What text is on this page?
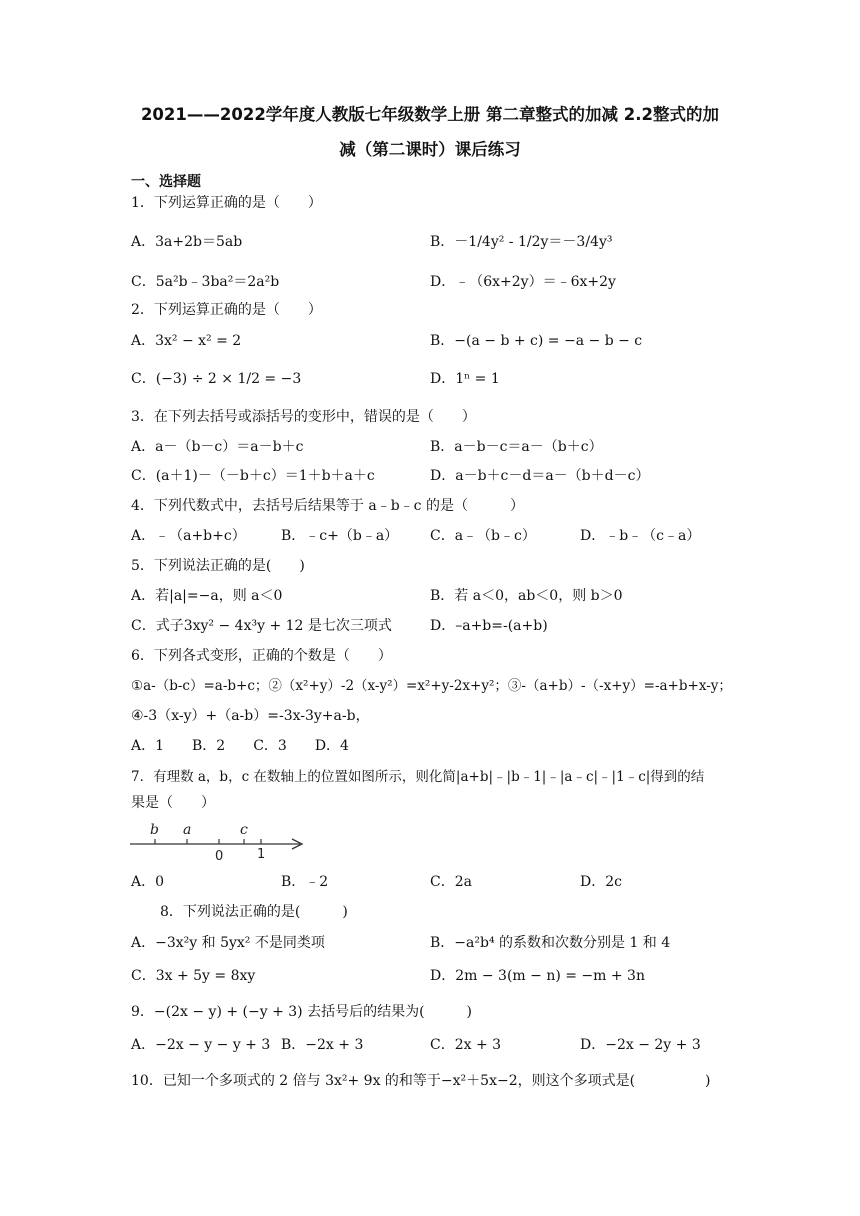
2021——2022学年度人教版七年级数学上册 第二章整式的加减 2.2整式的加
减（第二课时）课后练习
一、选择题
1．下列运算正确的是（　　）
A．3a+2b＝5ab	B．－1/4y² - 1/2y＝－3/4y³
C．5a²b﹣3ba²＝2a²b	D．﹣（6x+2y）＝﹣6x+2y
2．下列运算正确的是（　　）
A．3x² − x² = 2	B．−(a − b + c) = −a − b − c
C．(−3) ÷ 2 × 1/2 = −3	D．1ⁿ = 1
3．在下列去括号或添括号的变形中，错误的是（　　）
A．a－（b－c）＝a－b＋c	B．a－b－c＝a－（b＋c）
C．(a＋1)－（－b＋c）＝1＋b＋a＋c	D．a－b＋c－d＝a－（b＋d－c）
4．下列代数式中，去括号后结果等于 a﹣b﹣c 的是（　　　）
A．﹣（a+b+c）	B．﹣c+（b﹣a） C．a﹣（b﹣c）	D．﹣b﹣（c﹣a）
5．下列说法正确的是(　　)
A．若|a|=−a，则 a＜0	B．若 a＜0，ab＜0，则 b＞0
C．式子3xy² − 4x³y + 12 是七次三项式	D．–a+b=-(a+b)
6．下列各式变形，正确的个数是（　　）
①a-（b-c）=a-b+c；②（x²+y）-2（x-y²）=x²+y-2x+y²；③-（a+b）-（-x+y）=-a+b+x-y；
④-3（x-y）+（a-b）=-3x-3y+a-b，
A．1　　B．2　　C．3　　D．4
7．有理数 a，b，c 在数轴上的位置如图所示，则化简|a+b|﹣|b﹣1|﹣|a﹣c|﹣|1﹣c|得到的结
果是（　　）
b a	c
0	1
A．0	B．﹣2	C．2a	D．2c
8．下列说法正确的是(　　　)
A．−3x²y 和 5yx² 不是同类项	B．−a²b⁴ 的系数和次数分别是 1 和 4
C．3x + 5y = 8xy	D．2m − 3(m − n) = −m + 3n
9．−(2x − y) + (−y + 3) 去括号后的结果为(　　　)
A．−2x − y − y + 3 B．−2x + 3	C．2x + 3	D．−2x − 2y + 3
10．已知一个多项式的 2 倍与 3x²+ 9x 的和等于−x²＋5x−2，则这个多项式是(　　　　　)
